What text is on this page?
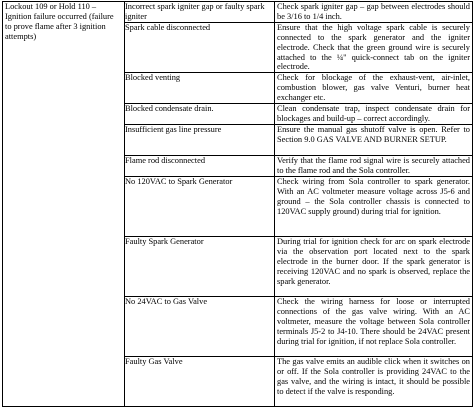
Lockout 109 or Hold 110 – Ignition failure occurred (failure to prove flame after 3 ignition attempts)	Incorrect spark igniter gap or faulty spark igniter	Check spark igniter gap – gap between electrodes should be 3/16 to 1/4 inch.
	Spark cable disconnected	Ensure that the high voltage spark cable is securely connected to the spark generator and the igniter electrode. Check that the green ground wire is securely attached to the ¼" quick-connect tab on the igniter electrode.
	Blocked venting	Check for blockage of the exhaust-vent, air-inlet, combustion blower, gas valve Venturi, burner heat exchanger etc.
	Blocked condensate drain.	Clean condensate trap, inspect condensate drain for blockages and build-up – correct accordingly.
	Insufficient gas line pressure	Ensure the manual gas shutoff valve is open. Refer to Section 9.0 GAS VALVE AND BURNER SETUP.
	Flame rod disconnected	Verify that the flame rod signal wire is securely attached to the flame rod and the Sola controller.
	No 120VAC to Spark Generator	Check wiring from Sola controller to spark generator. With an AC voltmeter measure voltage across J5-6 and ground – the Sola controller chassis is connected to 120VAC supply ground) during trial for ignition.
	Faulty Spark Generator	During trial for ignition check for arc on spark electrode via the observation port located next to the spark electrode in the burner door. If the spark generator is receiving 120VAC and no spark is observed, replace the spark generator.
	No 24VAC to Gas Valve	Check the wiring harness for loose or interrupted connections of the gas valve wiring. With an AC voltmeter, measure the voltage between Sola controller terminals J5-2 to J4-10. There should be 24VAC present during trial for ignition, if not replace Sola controller.
	Faulty Gas Valve	The gas valve emits an audible click when it switches on or off. If the Sola controller is providing 24VAC to the gas valve, and the wiring is intact, it should be possible to detect if the valve is responding.
